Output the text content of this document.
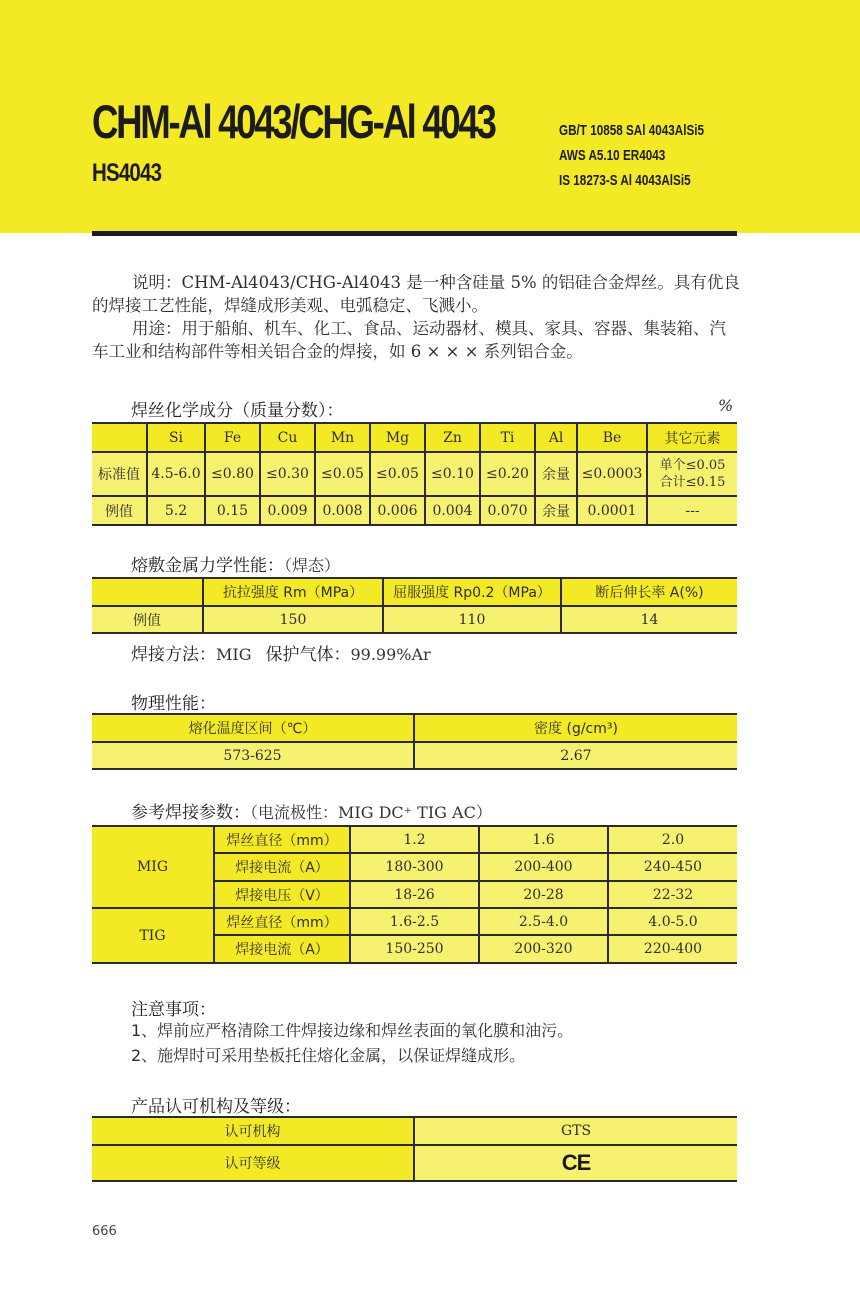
CHM-Al 4043/CHG-Al 4043
HS4043
GB/T 10858 SAl 4043AlSi5
AWS A5.10 ER4043
IS 18273-S Al 4043AlSi5
说明：CHM-Al4043/CHG-Al4043 是一种含硅量 5% 的铝硅合金焊丝。具有优良的焊接工艺性能，焊缝成形美观、电弧稳定、飞溅小。
用途：用于船舶、机车、化工、食品、运动器材、模具、家具、容器、集装箱、汽车工业和结构部件等相关铝合金的焊接，如 6 × × × 系列铝合金。
焊丝化学成分（质量分数）：	%
	Si	Fe	Cu	Mn	Mg	Zn	Ti	Al	Be	其它元素
标准值	4.5-6.0	≤0.80	≤0.30	≤0.05	≤0.05	≤0.10	≤0.20	余量	≤0.0003	单个≤0.05
合计≤0.15

例值	5.2	0.15	0.009	0.008	0.006	0.004	0.070	余量	0.0001	---
熔敷金属力学性能：（焊态）
	抗拉强度 Rm（MPa）	屈服强度 Rp0.2（MPa）	断后伸长率 A(%)
例值	150	110	14
焊接方法：MIG 保护气体：99.99%Ar
物理性能：
熔化温度区间（℃）	密度 (g/cm³)
573-625	2.67
参考焊接参数：（电流极性：MIG DC⁺ TIG AC）
MIG	焊丝直径（mm）	1.2	1.6	2.0
	焊接电流（A）	180-300	200-400	240-450
	焊接电压（V）	18-26	20-28	22-32
TIG	焊丝直径（mm）	1.6-2.5	2.5-4.0	4.0-5.0
	焊接电流（A）	150-250	200-320	220-400
注意事项：
1、焊前应严格清除工件焊接边缘和焊丝表面的氧化膜和油污。
2、施焊时可采用垫板托住熔化金属，以保证焊缝成形。
产品认可机构及等级：
认可机构	GTS
认可等级	CE
666
